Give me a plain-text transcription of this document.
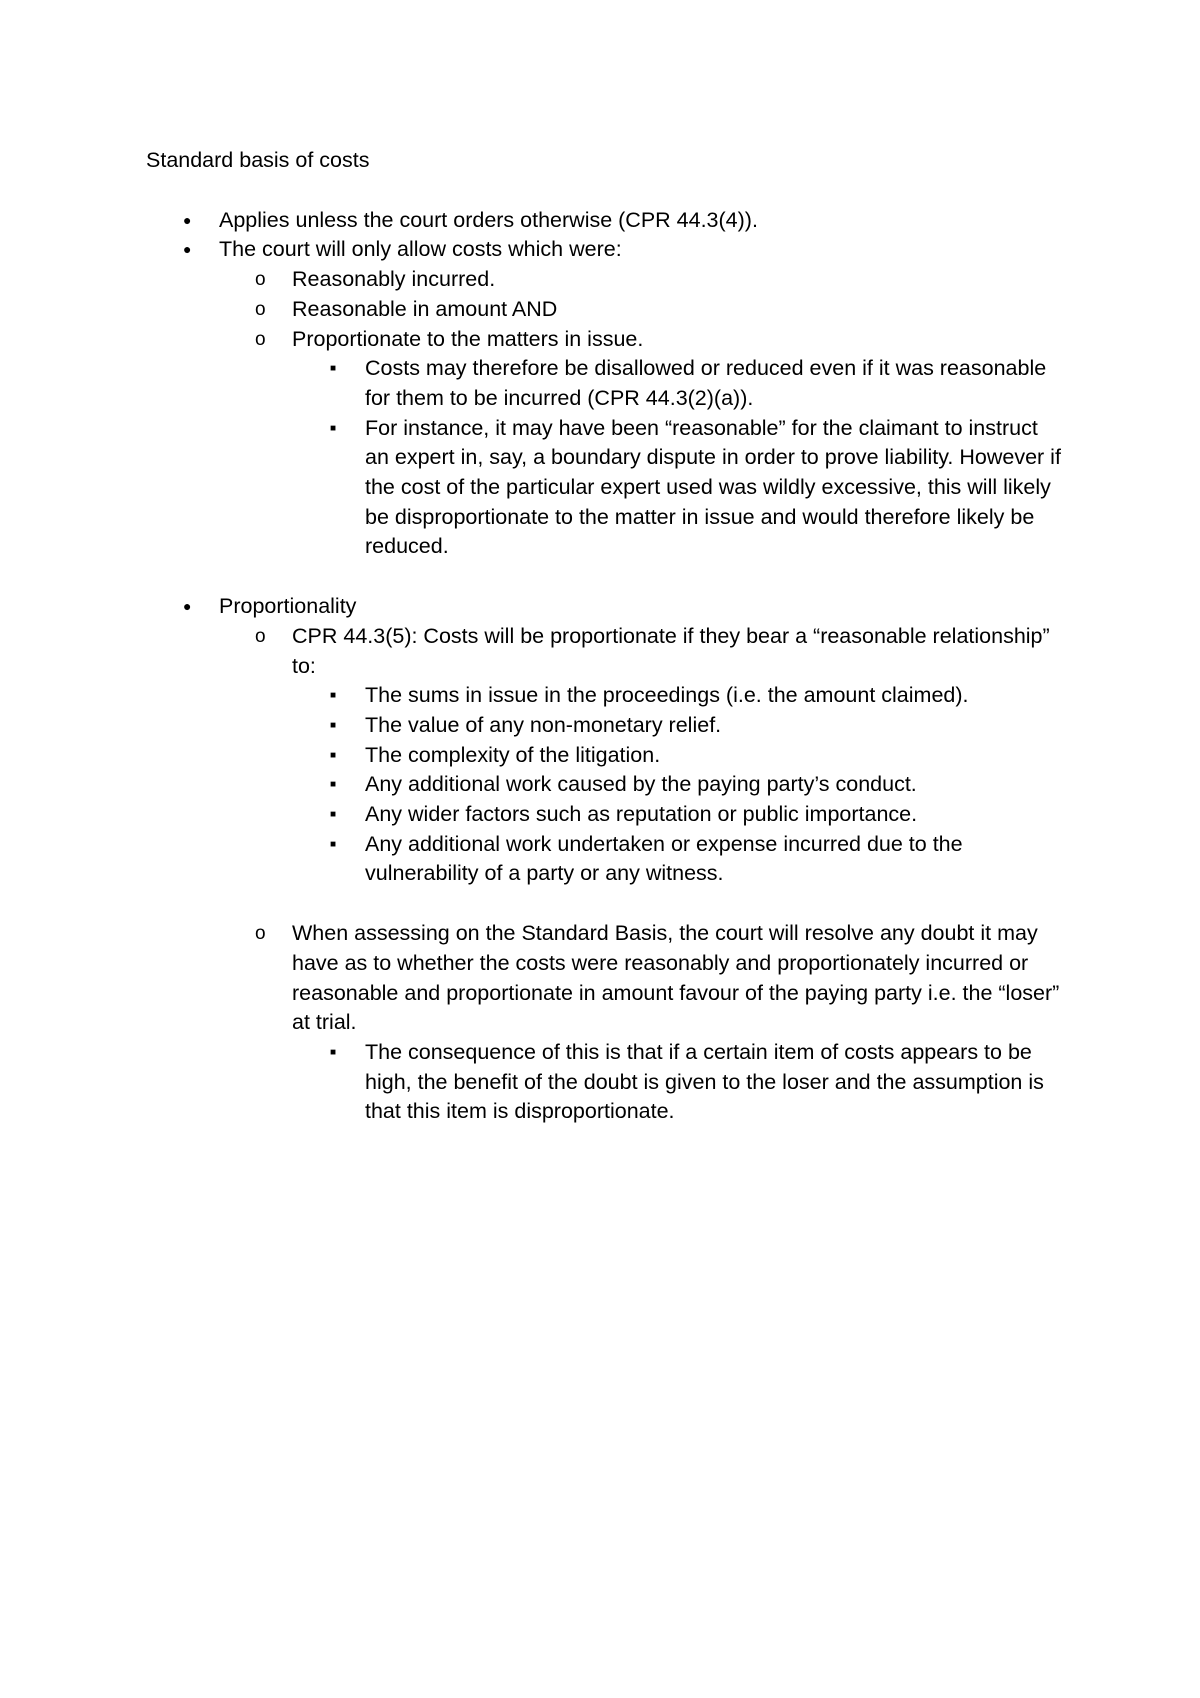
Standard basis of costs
● Applies unless the court orders otherwise (CPR 44.3(4)).
● The court will only allow costs which were:
o Reasonably incurred.
o Reasonable in amount AND
o Proportionate to the matters in issue.
■ Costs may therefore be disallowed or reduced even if it was reasonable for them to be incurred (CPR 44.3(2)(a)).
■ For instance, it may have been “reasonable” for the claimant to instruct an expert in, say, a boundary dispute in order to prove liability. However if the cost of the particular expert used was wildly excessive, this will likely be disproportionate to the matter in issue and would therefore likely be reduced.
● Proportionality
o CPR 44.3(5): Costs will be proportionate if they bear a “reasonable relationship” to:
■ The sums in issue in the proceedings (i.e. the amount claimed).
■ The value of any non-monetary relief.
■ The complexity of the litigation.
■ Any additional work caused by the paying party’s conduct.
■ Any wider factors such as reputation or public importance.
■ Any additional work undertaken or expense incurred due to the vulnerability of a party or any witness.
o When assessing on the Standard Basis, the court will resolve any doubt it may have as to whether the costs were reasonably and proportionately incurred or reasonable and proportionate in amount favour of the paying party i.e. the “loser” at trial.
■ The consequence of this is that if a certain item of costs appears to be high, the benefit of the doubt is given to the loser and the assumption is that this item is disproportionate.
